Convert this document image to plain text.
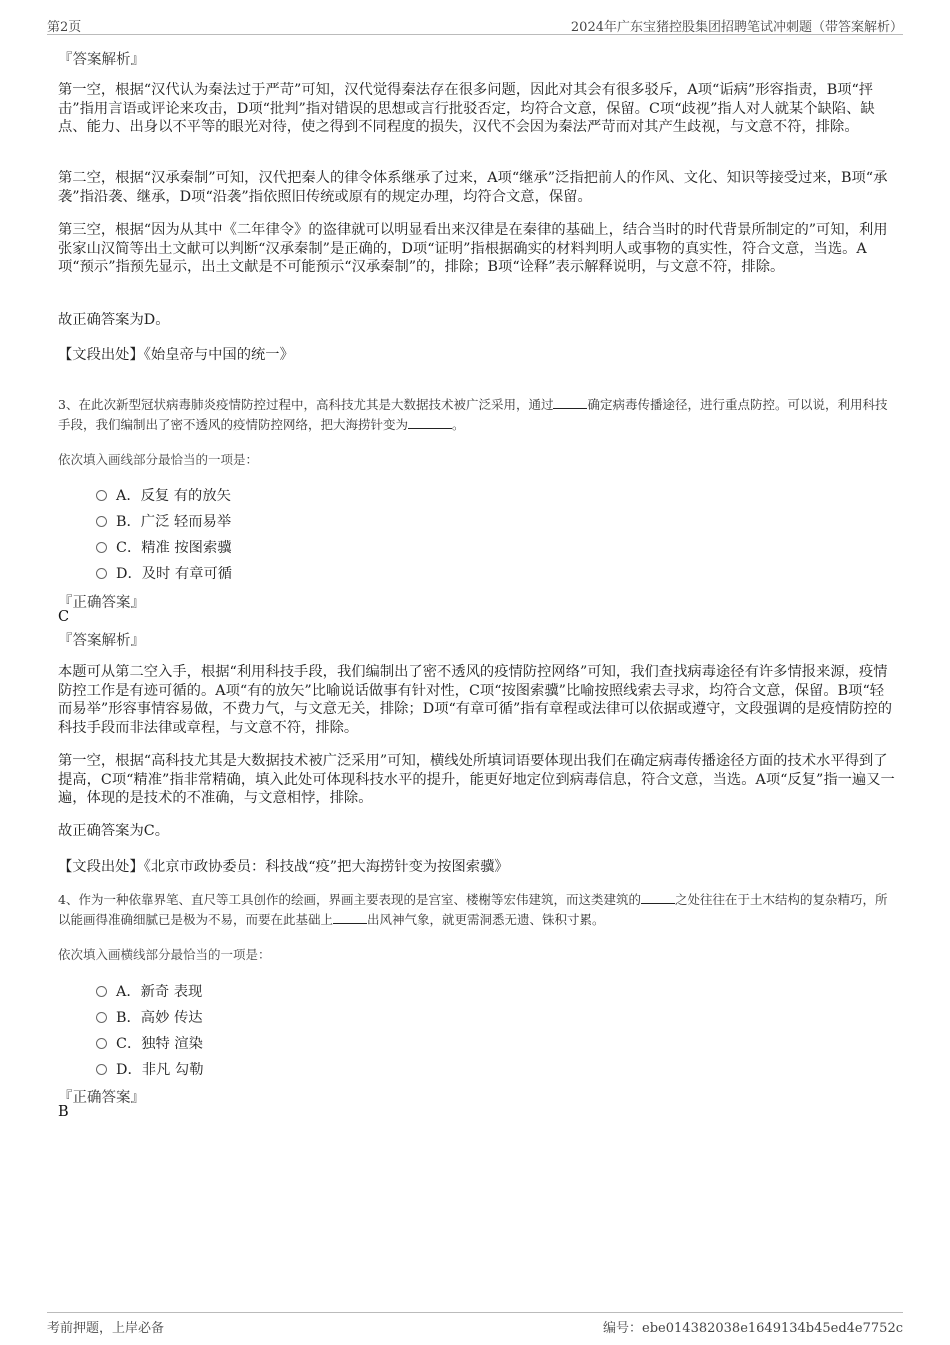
第2页	2024年广东宝猪控股集团招聘笔试冲刺题（带答案解析）
『答案解析』
第一空，根据“汉代认为秦法过于严苛”可知，汉代觉得秦法存在很多问题，因此对其会有很多驳斥，A项“诟病”形容指责，B项“抨击”指用言语或评论来攻击，D项“批判”指对错误的思想或言行批驳否定，均符合文意，保留。C项“歧视”指人对人就某个缺陷、缺点、能力、出身以不平等的眼光对待，使之得到不同程度的损失，汉代不会因为秦法严苛而对其产生歧视，与文意不符，排除。
第二空，根据“汉承秦制”可知，汉代把秦人的律令体系继承了过来，A项“继承”泛指把前人的作风、文化、知识等接受过来，B项“承袭”指沿袭、继承，D项“沿袭”指依照旧传统或原有的规定办理，均符合文意，保留。
第三空，根据“因为从其中《二年律令》的盗律就可以明显看出来汉律是在秦律的基础上，结合当时的时代背景所制定的”可知，利用张家山汉简等出土文献可以判断“汉承秦制”是正确的，D项“证明”指根据确实的材料判明人或事物的真实性，符合文意，当选。A项“预示”指预先显示，出土文献是不可能预示“汉承秦制”的，排除；B项“诠释”表示解释说明，与文意不符，排除。
故正确答案为D。
【文段出处】《始皇帝与中国的统一》
3、在此次新型冠状病毒肺炎疫情防控过程中，高科技尤其是大数据技术被广泛采用，通过	确定病毒传播途径，进行重点防控。可以说，利用科技手段，我们编制出了密不透风的疫情防控网络，把大海捞针变为	。
依次填入画线部分最恰当的一项是：
A．反复 有的放矢
B．广泛 轻而易举
C．精准 按图索骥
D．及时 有章可循
『正确答案』
C
『答案解析』
本题可从第二空入手，根据“利用科技手段，我们编制出了密不透风的疫情防控网络”可知，我们查找病毒途径有许多情报来源，疫情防控工作是有迹可循的。A项“有的放矢”比喻说话做事有针对性，C项“按图索骥”比喻按照线索去寻求，均符合文意，保留。B项“轻而易举”形容事情容易做，不费力气，与文意无关，排除；D项“有章可循”指有章程或法律可以依据或遵守，文段强调的是疫情防控的科技手段而非法律或章程，与文意不符，排除。
第一空，根据“高科技尤其是大数据技术被广泛采用”可知，横线处所填词语要体现出我们在确定病毒传播途径方面的技术水平得到了提高，C项“精准”指非常精确，填入此处可体现科技水平的提升，能更好地定位到病毒信息，符合文意，当选。A项“反复”指一遍又一遍，体现的是技术的不准确，与文意相悖，排除。
故正确答案为C。
【文段出处】《北京市政协委员：科技战“疫”把大海捞针变为按图索骥》
4、作为一种依靠界笔、直尺等工具创作的绘画，界画主要表现的是宫室、楼榭等宏伟建筑，而这类建筑的	之处往往在于土木结构的复杂精巧，所以能画得准确细腻已是极为不易，而要在此基础上	出风神气象，就更需洞悉无遗、铢积寸累。
依次填入画横线部分最恰当的一项是：
A．新奇 表现
B．高妙 传达
C．独特 渲染
D．非凡 勾勒
『正确答案』
B
考前押题，上岸必备	编号：ebe014382038e1649134b45ed4e7752c
